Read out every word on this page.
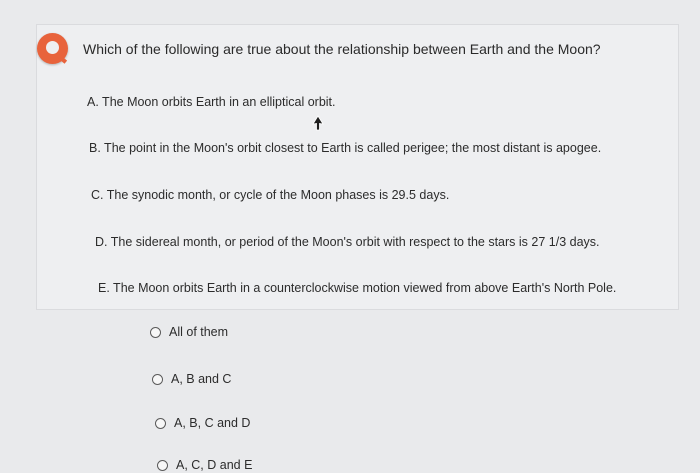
Which of the following are true about the relationship between Earth and the Moon?
A. The Moon orbits Earth in an elliptical orbit.
B. The point in the Moon's orbit closest to Earth is called perigee; the most distant is apogee.
C. The synodic month, or cycle of the Moon phases is 29.5 days.
D. The sidereal month, or period of the Moon's orbit with respect to the stars is 27 1/3 days.
E. The Moon orbits Earth in a counterclockwise motion viewed from above Earth's North Pole.
All of them
A, B and C
A, B, C and D
A, C, D and E
